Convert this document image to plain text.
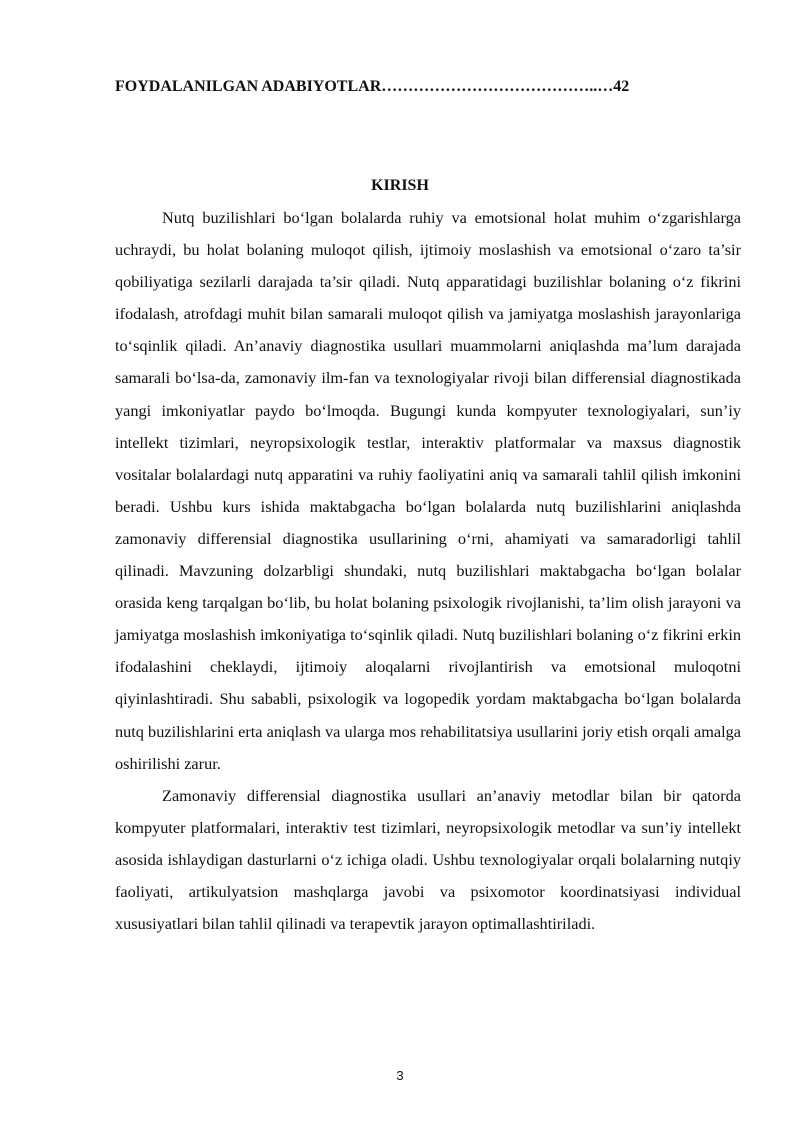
FOYDALANILGAN ADABIYOTLAR…………………………………..…42
KIRISH

Nutq buzilishlari bo‘lgan bolalarda ruhiy va emotsional holat muhim o‘zgarishlarga uchraydi, bu holat bolaning muloqot qilish, ijtimoiy moslashish va emotsional o‘zaro ta’sir qobiliyatiga sezilarli darajada ta’sir qiladi. Nutq apparatidagi buzilishlar bolaning o‘z fikrini ifodalash, atrofdagi muhit bilan samarali muloqot qilish va jamiyatga moslashish jarayonlariga to‘sqinlik qiladi. An’anaviy diagnostika usullari muammolarni aniqlashda ma’lum darajada samarali bo‘lsa-da, zamonaviy ilm-fan va texnologiyalar rivoji bilan differensial diagnostikada yangi imkoniyatlar paydo bo‘lmoqda. Bugungi kunda kompyuter texnologiyalari, sun’iy intellekt tizimlari, neyropsixologik testlar, interaktiv platformalar va maxsus diagnostik vositalar bolalardagi nutq apparatini va ruhiy faoliyatini aniq va samarali tahlil qilish imkonini beradi. Ushbu kurs ishida maktabgacha bo‘lgan bolalarda nutq buzilishlarini aniqlashda zamonaviy differensial diagnostika usullarining o‘rni, ahamiyati va samaradorligi tahlil qilinadi. Mavzuning dolzarbligi shundaki, nutq buzilishlari maktabgacha bo‘lgan bolalar orasida keng tarqalgan bo‘lib, bu holat bolaning psixologik rivojlanishi, ta’lim olish jarayoni va jamiyatga moslashish imkoniyatiga to‘sqinlik qiladi. Nutq buzilishlari bolaning o‘z fikrini erkin ifodalashini cheklaydi, ijtimoiy aloqalarni rivojlantirish va emotsional muloqotni qiyinlashtiradi. Shu sababli, psixologik va logopedik yordam maktabgacha bo‘lgan bolalarda nutq buzilishlarini erta aniqlash va ularga mos rehabilitatsiya usullarini joriy etish orqali amalga oshirilishi zarur.

Zamonaviy differensial diagnostika usullari an’anaviy metodlar bilan bir qatorda kompyuter platformalari, interaktiv test tizimlari, neyropsixologik metodlar va sun’iy intellekt asosida ishlaydigan dasturlarni o‘z ichiga oladi. Ushbu texnologiyalar orqali bolalarning nutqiy faoliyati, artikulyatsion mashqlarga javobi va psixomotor koordinatsiyasi individual xususiyatlari bilan tahlil qilinadi va terapevtik jarayon optimallashtiriladi.

3
